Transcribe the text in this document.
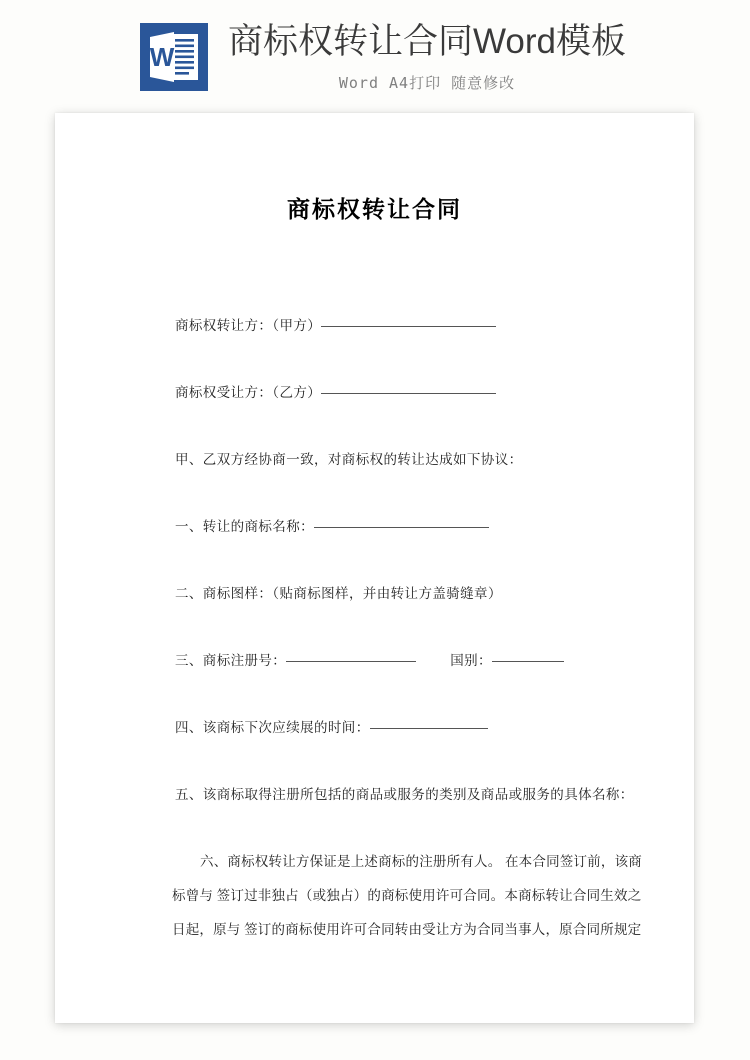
W 商标权转让合同Word模板
Word A4打印 随意修改
商标权转让合同

商标权转让方：（甲方）

商标权受让方：（乙方）

甲、乙双方经协商一致，对商标权的转让达成如下协议：

一、转让的商标名称：

二、商标图样：（贴商标图样，并由转让方盖骑缝章）

三、商标注册号：	国别：

四、该商标下次应续展的时间：

五、该商标取得注册所包括的商品或服务的类别及商品或服务的具体名称：

六、商标权转让方保证是上述商标的注册所有人。 在本合同签订前，该商标曾与 签订过非独占（或独占）的商标使用许可合同。本商标转让合同生效之日起，原与 签订的商标使用许可合同转由受让方为合同当事人，原合同所规定
